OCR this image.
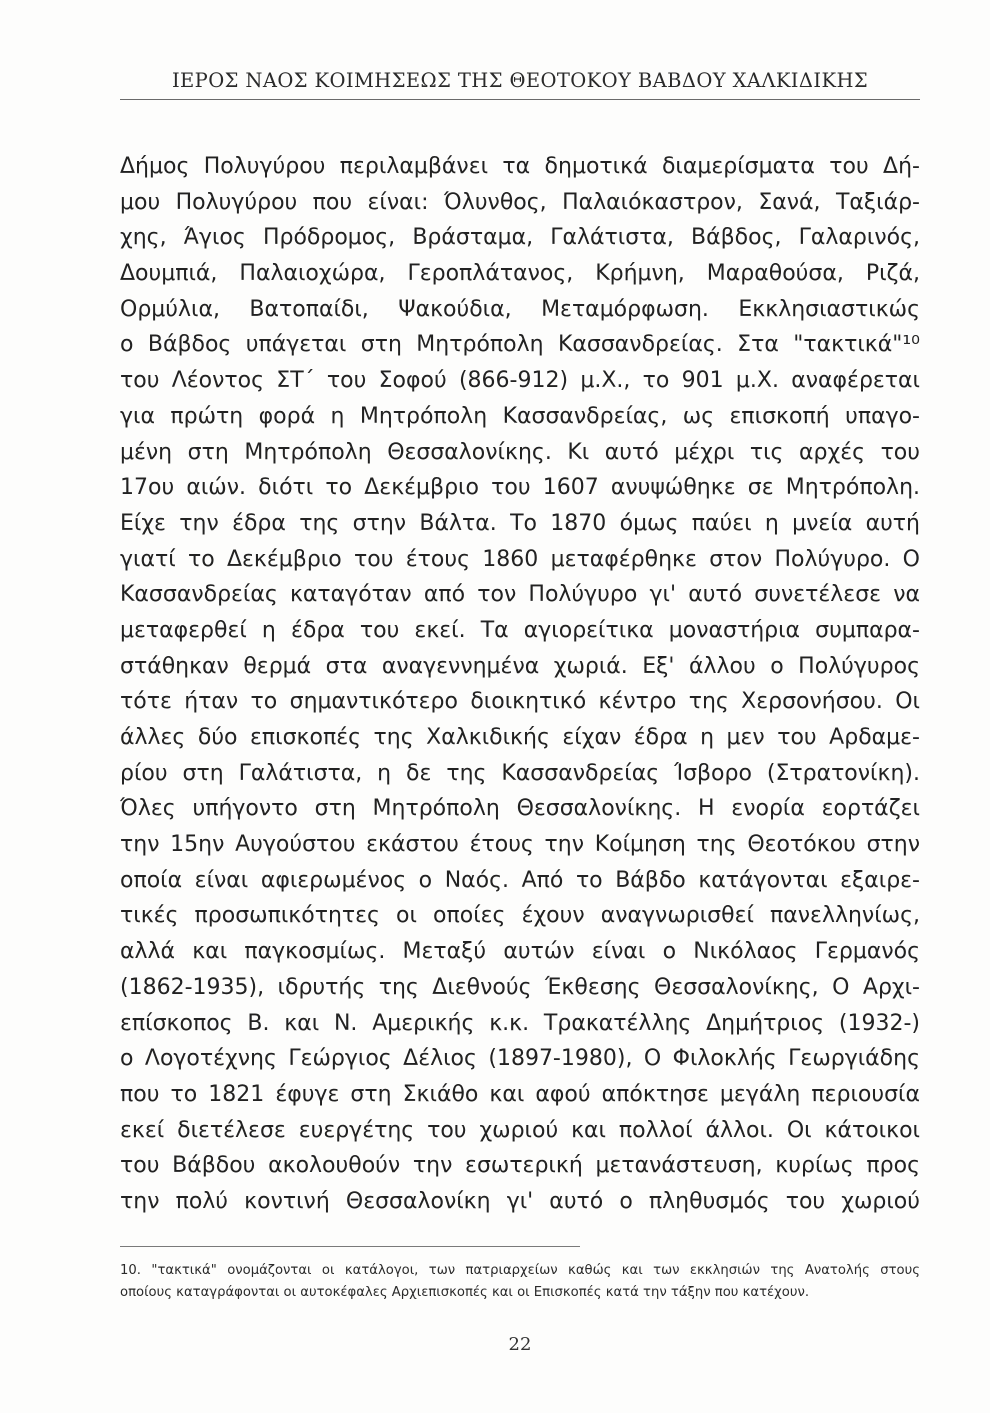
ΙΕΡΟΣ ΝΑΟΣ ΚΟΙΜΗΣΕΩΣ ΤΗΣ ΘΕΟΤΟΚΟΥ ΒΑΒΔΟΥ ΧΑΛΚΙΔΙΚΗΣ
Δήμος Πολυγύρου περιλαμβάνει τα δημοτικά διαμερίσματα του Δή-
μου Πολυγύρου που είναι: Όλυνθος, Παλαιόκαστρον, Σανά, Ταξιάρ-
χης, Άγιος Πρόδρομος, Βράσταμα, Γαλάτιστα, Βάβδος, Γαλαρινός,
Δουμπιά, Παλαιοχώρα, Γεροπλάτανος, Κρήμνη, Μαραθούσα, Ριζά,
Ορμύλια, Βατοπαίδι, Ψακούδια, Μεταμόρφωση. Εκκλησιαστικώς
ο Βάβδος υπάγεται στη Μητρόπολη Κασσανδρείας. Στα "τακτικά"¹⁰
του Λέοντος ΣΤ΄ του Σοφού (866-912) μ.Χ., το 901 μ.Χ. αναφέρεται
για πρώτη φορά η Μητρόπολη Κασσανδρείας, ως επισκοπή υπαγο-
μένη στη Μητρόπολη Θεσσαλονίκης. Κι αυτό μέχρι τις αρχές του
17ου αιών. διότι το Δεκέμβριο του 1607 ανυψώθηκε σε Μητρόπολη.
Είχε την έδρα της στην Βάλτα. Το 1870 όμως παύει η μνεία αυτή
γιατί το Δεκέμβριο του έτους 1860 μεταφέρθηκε στον Πολύγυρο. Ο
Κασσανδρείας καταγόταν από τον Πολύγυρο γι' αυτό συνετέλεσε να
μεταφερθεί η έδρα του εκεί. Τα αγιορείτικα μοναστήρια συμπαρα-
στάθηκαν θερμά στα αναγεννημένα χωριά. Εξ' άλλου ο Πολύγυρος
τότε ήταν το σημαντικότερο διοικητικό κέντρο της Χερσονήσου. Οι
άλλες δύο επισκοπές της Χαλκιδικής είχαν έδρα η μεν του Αρδαμε-
ρίου στη Γαλάτιστα, η δε της Κασσανδρείας Ίσβορο (Στρατονίκη).
Όλες υπήγοντο στη Μητρόπολη Θεσσαλονίκης. Η ενορία εορτάζει
την 15ην Αυγούστου εκάστου έτους την Κοίμηση της Θεοτόκου στην
οποία είναι αφιερωμένος ο Ναός. Από το Βάβδο κατάγονται εξαιρε-
τικές προσωπικότητες οι οποίες έχουν αναγνωρισθεί πανελληνίως,
αλλά και παγκοσμίως. Μεταξύ αυτών είναι ο Νικόλαος Γερμανός
(1862-1935), ιδρυτής της Διεθνούς Έκθεσης Θεσσαλονίκης, Ο Αρχι-
επίσκοπος Β. και Ν. Αμερικής κ.κ. Τρακατέλλης Δημήτριος (1932-)
ο Λογοτέχνης Γεώργιος Δέλιος (1897-1980), Ο Φιλοκλής Γεωργιάδης
που το 1821 έφυγε στη Σκιάθο και αφού απόκτησε μεγάλη περιουσία
εκεί διετέλεσε ευεργέτης του χωριού και πολλοί άλλοι. Οι κάτοικοι
του Βάβδου ακολουθούν την εσωτερική μετανάστευση, κυρίως προς
την πολύ κοντινή Θεσσαλονίκη γι' αυτό ο πληθυσμός του χωριού
10. "τακτικά" ονομάζονται οι κατάλογοι, των πατριαρχείων καθώς και των εκκλησιών της Ανατολής στους
οποίους καταγράφονται οι αυτοκέφαλες Αρχιεπισκοπές και οι Επισκοπές κατά την τάξην που κατέχουν.
22
